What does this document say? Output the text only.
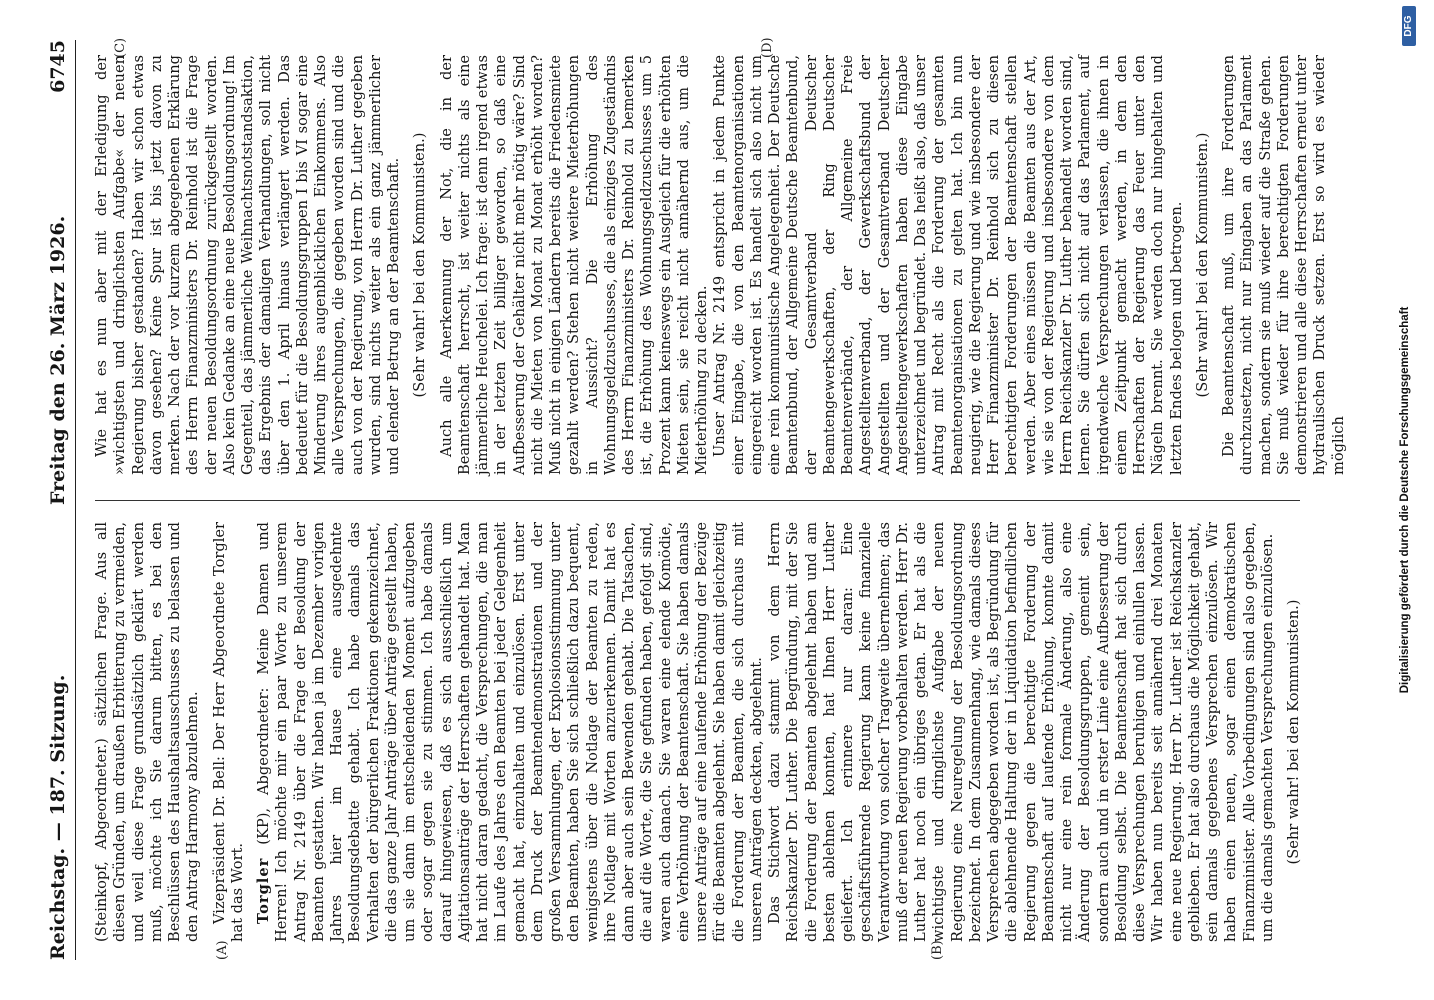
Reichstag. — 187. Sitzung.
Freitag den 26. März 1926.
6745
(A)	(B)
(C)	(D)

(Steinkopf, Abgeordneter.) sätzlichen Frage. Aus all diesen Gründen, um draußen Erbitterung zu vermeiden, und weil diese Frage grundsätzlich geklärt werden muß, möchte ich Sie darum bitten, es bei den Beschlüssen des Haushaltsausschusses zu belassen und den Antrag Harmony abzulehnen. Vizepräsident Dr. Bell: Der Herr Abgeordnete Torgler hat das Wort. Torgler (KP), Abgeordneter: Meine Damen und Herren! Ich möchte mir ein paar Worte zu unserem Antrag Nr. 2149 über die Frage der Besoldung der Beamten gestatten. Wir haben ja im Dezember vorigen Jahres hier im Hause eine ausgedehnte Besoldungsdebatte gehabt. Ich habe damals das Verhalten der bürgerlichen Fraktionen gekennzeichnet, die das ganze Jahr Anträge über Anträge gestellt haben, um sie dann im entscheidenden Moment aufzugeben oder sogar gegen sie zu stimmen. Ich habe damals darauf hingewiesen, daß es sich ausschließlich um Agitationsanträge der Herrschaften gehandelt hat. Man hat nicht daran gedacht, die Versprechungen, die man im Laufe des Jahres den Beamten bei jeder Gelegenheit gemacht hat, einzuhalten und einzulösen. Erst unter dem Druck der Beamtendemonstrationen und der großen Versammlungen, der Explosionsstimmung unter den Beamten, haben Sie sich schließlich dazu bequemt, wenigstens über die Notlage der Beamten zu reden, ihre Notlage mit Worten anzuerkennen. Damit hat es dann aber auch sein Bewenden gehabt. Die Tatsachen, die auf die Worte, die Sie gefunden haben, gefolgt sind, waren auch danach. Sie waren eine elende Komödie, eine Verhöhnung der Beamtenschaft. Sie haben damals unsere Anträge auf eine laufende Erhöhung der Bezüge für die Beamten abgelehnt. Sie haben damit gleichzeitig die Forderung der Beamten, die sich durchaus mit unseren Anträgen deckten, abgelehnt. Das Stichwort dazu stammt von dem Herrn Reichskanzler Dr. Luther. Die Begründung, mit der Sie die Forderung der Beamten abgelehnt haben und am besten ablehnen konnten, hat Ihnen Herr Luther geliefert. Ich erinnere nur daran: Eine geschäftsführende Regierung kann keine finanzielle Verantwortung von solcher Tragweite übernehmen; das muß der neuen Regierung vorbehalten werden. Herr Dr. Luther hat noch ein übriges getan. Er hat als die wichtigste und dringlichste Aufgabe der neuen Regierung eine Neuregelung der Besoldungsordnung bezeichnet. In dem Zusammenhang, wie damals dieses Versprechen abgegeben worden ist, als Begründung für die ablehnende Haltung der in Liquidation befindlichen Regierung gegen die berechtigte Forderung der Beamtenschaft auf laufende Erhöhung, konnte damit nicht nur eine rein formale Änderung, also eine Änderung der Besoldungsgruppen, gemeint sein, sondern auch und in erster Linie eine Aufbesserung der Besoldung selbst. Die Beamtenschaft hat sich durch diese Versprechungen beruhigen und einlullen lassen. Wir haben nun bereits seit annähernd drei Monaten eine neue Regierung. Herr Dr. Luther ist Reichskanzler geblieben. Er hat also durchaus die Möglichkeit gehabt, sein damals gegebenes Versprechen einzulösen. Wir haben einen neuen, sogar einen demokratischen Finanzminister. Alle Vorbedingungen sind also gegeben, um die damals gemachten Versprechungen einzulösen. (Sehr wahr! bei den Kommunisten.)

Wie hat es nun aber mit der Erledigung der »wichtigsten und dringlichsten Aufgabe« der neuen Regierung bisher gestanden? Haben wir schon etwas davon gesehen? Keine Spur ist bis jetzt davon zu merken. Nach der vor kurzem abgegebenen Erklärung des Herrn Finanzministers Dr. Reinhold ist die Frage der neuen Besoldungsordnung zurückgestellt worden. Also kein Gedanke an eine neue Besoldungsordnung! Im Gegenteil, das jämmerliche Weihnachtsnotstandsaktion, das Ergebnis der damaligen Verhandlungen, soll nicht über den 1. April hinaus verlängert werden. Das bedeutet für die Besoldungsgruppen I bis VI sogar eine Minderung ihres augenblicklichen Einkommens. Also alle Versprechungen, die gegeben worden sind und die auch von der Regierung, von Herrn Dr. Luther gegeben wurden, sind nichts weiter als ein ganz jämmerlicher und elender Betrug an der Beamtenschaft. (Sehr wahr! bei den Kommunisten.) Auch alle Anerkennung der Not, die in der Beamtenschaft herrscht, ist weiter nichts als eine jämmerliche Heuchelei. Ich frage: ist denn irgend etwas in der letzten Zeit billiger geworden, so daß eine Aufbesserung der Gehälter nicht mehr nötig wäre? Sind nicht die Mieten von Monat zu Monat erhöht worden? Muß nicht in einigen Ländern bereits die Friedensmiete gezahlt werden? Stehen nicht weitere Mieterhöhungen in Aussicht? Die Erhöhung des Wohnungsgeldzuschusses, die als einziges Zugeständnis des Herrn Finanzministers Dr. Reinhold zu bemerken ist, die Erhöhung des Wohnungsgeldzuschusses um 5 Prozent kann keineswegs ein Ausgleich für die erhöhten Mieten sein, sie reicht nicht annähernd aus, um die Mieterhöhung zu decken. Unser Antrag Nr. 2149 entspricht in jedem Punkte einer Eingabe, die von den Beamtenorganisationen eingereicht worden ist. Es handelt sich also nicht um eine rein kommunistische Angelegenheit. Der Deutsche Beamtenbund, der Allgemeine Deutsche Beamtenbund, der Gesamtverband Deutscher Beamtengewerkschaften, der Ring Deutscher Beamtenverbände, der Allgemeine Freie Angestelltenverband, der Gewerkschaftsbund der Angestellten und der Gesamtverband Deutscher Angestelltengewerkschaften haben diese Eingabe unterzeichnet und begründet. Das heißt also, daß unser Antrag mit Recht als die Forderung der gesamten Beamtenorganisationen zu gelten hat. Ich bin nun neugierig, wie die Regierung und wie insbesondere der Herr Finanzminister Dr. Reinhold sich zu diesen berechtigten Forderungen der Beamtenschaft stellen werden. Aber eines müssen die Beamten aus der Art, wie sie von der Regierung und insbesondere von dem Herrn Reichskanzler Dr. Luther behandelt worden sind, lernen. Sie dürfen sich nicht auf das Parlament, auf irgendwelche Versprechungen verlassen, die ihnen in einem Zeitpunkt gemacht werden, in dem den Herrschaften der Regierung das Feuer unter den Nägeln brennt. Sie werden doch nur hingehalten und letzten Endes belogen und betrogen. (Sehr wahr! bei den Kommunisten.) Die Beamtenschaft muß, um ihre Forderungen durchzusetzen, nicht nur Eingaben an das Parlament machen, sondern sie muß wieder auf die Straße gehen. Sie muß wieder für ihre berechtigten Forderungen demonstrieren und alle diese Herrschaften erneut unter hydraulischen Druck setzen. Erst so wird es wieder möglich

DFG
Digitalisierung gefördert durch die Deutsche Forschungsgemeinschaft
